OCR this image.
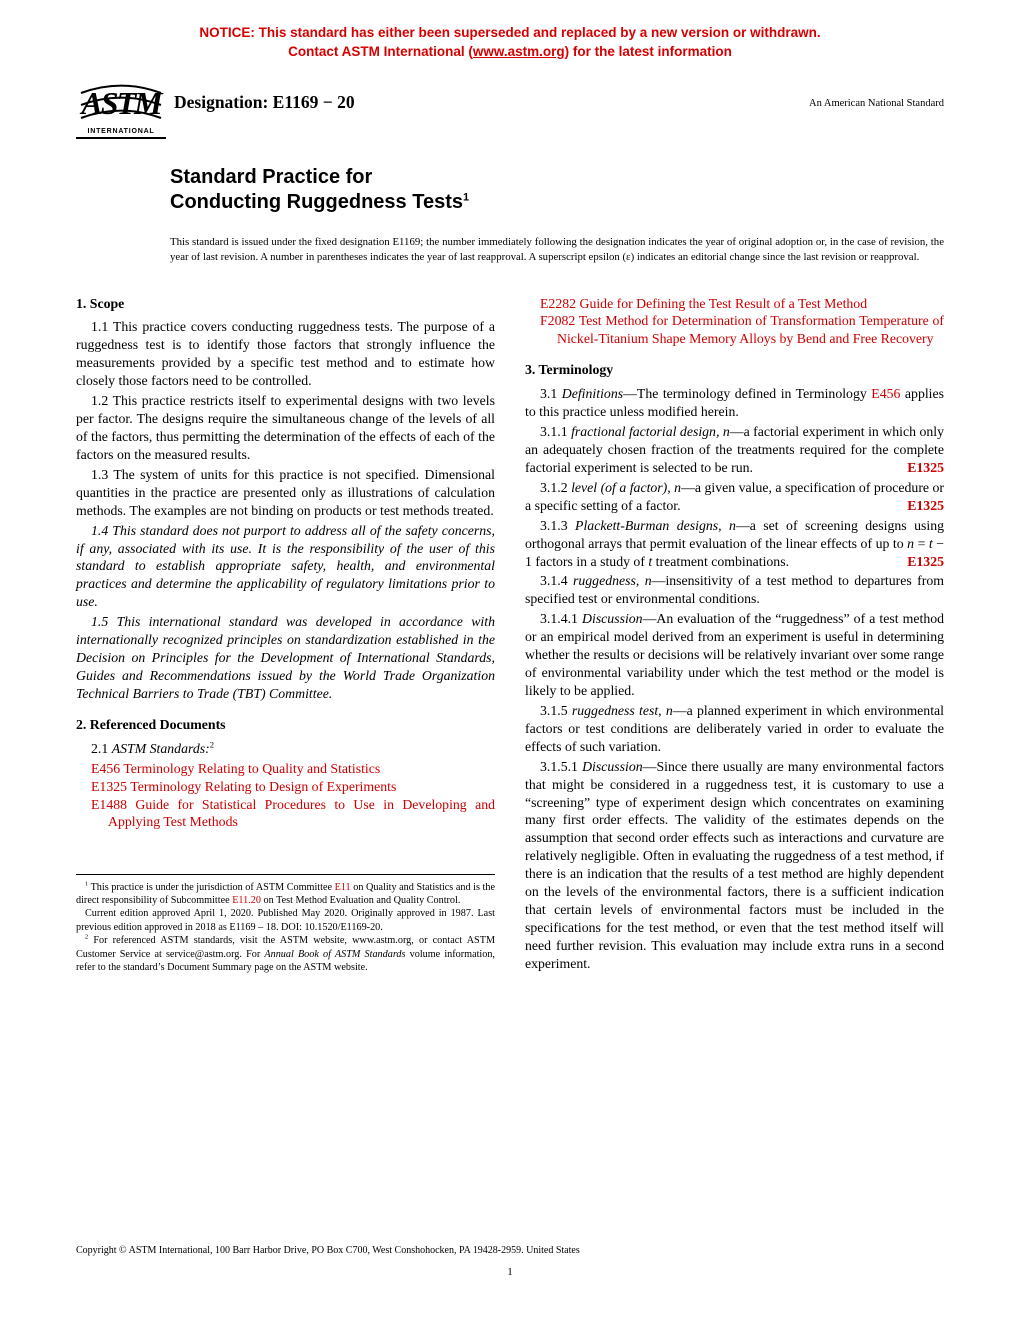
NOTICE: This standard has either been superseded and replaced by a new version or withdrawn.
Contact ASTM International (www.astm.org) for the latest information
ASTM
INTERNATIONAL
Designation: E1169 − 20	An American National Standard
Standard Practice for
Conducting Ruggedness Tests$^1$
This standard is issued under the fixed designation E1169; the number immediately following the designation indicates the year of original adoption or, in the case of revision, the year of last revision. A number in parentheses indicates the year of last reapproval. A superscript epsilon (ε) indicates an editorial change since the last revision or reapproval.
1. Scope
1.1 This practice covers conducting ruggedness tests. The purpose of a ruggedness test is to identify those factors that strongly influence the measurements provided by a specific test method and to estimate how closely those factors need to be controlled.
1.2 This practice restricts itself to experimental designs with two levels per factor. The designs require the simultaneous change of the levels of all of the factors, thus permitting the determination of the effects of each of the factors on the measured results.
1.3 The system of units for this practice is not specified. Dimensional quantities in the practice are presented only as illustrations of calculation methods. The examples are not binding on products or test methods treated.
1.4 This standard does not purport to address all of the safety concerns, if any, associated with its use. It is the responsibility of the user of this standard to establish appropriate safety, health, and environmental practices and determine the applicability of regulatory limitations prior to use.
1.5 This international standard was developed in accordance with internationally recognized principles on standardization established in the Decision on Principles for the Development of International Standards, Guides and Recommendations issued by the World Trade Organization Technical Barriers to Trade (TBT) Committee.
2. Referenced Documents
2.1 ASTM Standards:$^2$
E456 Terminology Relating to Quality and Statistics
E1325 Terminology Relating to Design of Experiments
E1488 Guide for Statistical Procedures to Use in Developing and Applying Test Methods
$^1$ This practice is under the jurisdiction of ASTM Committee E11 on Quality and Statistics and is the direct responsibility of Subcommittee E11.20 on Test Method Evaluation and Quality Control.
Current edition approved April 1, 2020. Published May 2020. Originally approved in 1987. Last previous edition approved in 2018 as E1169 – 18. DOI: 10.1520/E1169-20.
$^2$ For referenced ASTM standards, visit the ASTM website, www.astm.org, or contact ASTM Customer Service at service@astm.org. For Annual Book of ASTM Standards volume information, refer to the standard’s Document Summary page on the ASTM website.
E2282 Guide for Defining the Test Result of a Test Method
F2082 Test Method for Determination of Transformation Temperature of Nickel-Titanium Shape Memory Alloys by Bend and Free Recovery
3. Terminology
3.1 Definitions—The terminology defined in Terminology E456 applies to this practice unless modified herein.
3.1.1 fractional factorial design, n—a factorial experiment in which only an adequately chosen fraction of the treatments required for the complete factorial experiment is selected to be run.	E1325
3.1.2 level (of a factor), n—a given value, a specification of procedure or a specific setting of a factor.	E1325
3.1.3 Plackett-Burman designs, n—a set of screening designs using orthogonal arrays that permit evaluation of the linear effects of up to n = t − 1 factors in a study of t treatment combinations.	E1325
3.1.4 ruggedness, n—insensitivity of a test method to departures from specified test or environmental conditions.
3.1.4.1 Discussion—An evaluation of the “ruggedness” of a test method or an empirical model derived from an experiment is useful in determining whether the results or decisions will be relatively invariant over some range of environmental variability under which the test method or the model is likely to be applied.
3.1.5 ruggedness test, n—a planned experiment in which environmental factors or test conditions are deliberately varied in order to evaluate the effects of such variation.
3.1.5.1 Discussion—Since there usually are many environmental factors that might be considered in a ruggedness test, it is customary to use a “screening” type of experiment design which concentrates on examining many first order effects. The validity of the estimates depends on the assumption that second order effects such as interactions and curvature are relatively negligible. Often in evaluating the ruggedness of a test method, if there is an indication that the results of a test method are highly dependent on the levels of the environmental factors, there is a sufficient indication that certain levels of environmental factors must be included in the specifications for the test method, or even that the test method itself will need further revision. This evaluation may include extra runs in a second experiment.
Copyright © ASTM International, 100 Barr Harbor Drive, PO Box C700, West Conshohocken, PA 19428-2959. United States
1
